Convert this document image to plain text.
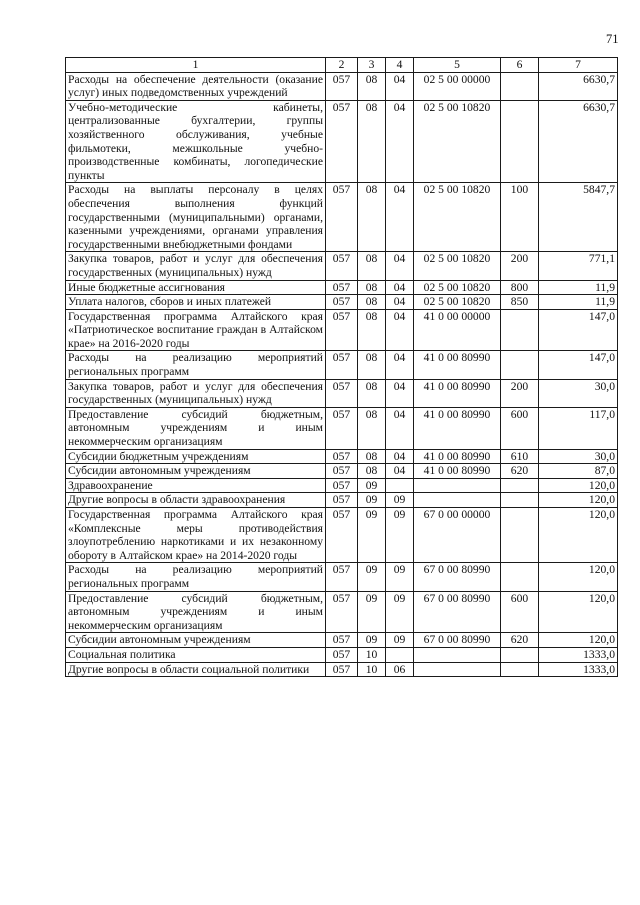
71
1	2	3	4	5	6	7
Расходы на обеспечение деятельности (оказание услуг) иных подведомственных учреждений	057	08	04	02 5 00 00000		6630,7
Учебно-методические кабинеты, централизованные бухгалтерии, группы хозяйственного обслуживания, учебные фильмотеки, межшкольные учебно-производственные комбинаты, логопедические пункты	057	08	04	02 5 00 10820		6630,7
Расходы на выплаты персоналу в целях обеспечения выполнения функций государственными (муниципальными) органами, казенными учреждениями, органами управления государственными внебюджетными фондами	057	08	04	02 5 00 10820	100	5847,7
Закупка товаров, работ и услуг для обеспечения государственных (муниципальных) нужд	057	08	04	02 5 00 10820	200	771,1
Иные бюджетные ассигнования	057	08	04	02 5 00 10820	800	11,9
Уплата налогов, сборов и иных платежей	057	08	04	02 5 00 10820	850	11,9
Государственная программа Алтайского края «Патриотическое воспитание граждан в Алтайском крае» на 2016-2020 годы	057	08	04	41 0 00 00000		147,0
Расходы на реализацию мероприятий региональных программ	057	08	04	41 0 00 80990		147,0
Закупка товаров, работ и услуг для обеспечения государственных (муниципальных) нужд	057	08	04	41 0 00 80990	200	30,0
Предоставление субсидий бюджетным, автономным учреждениям и иным некоммерческим организациям	057	08	04	41 0 00 80990	600	117,0
Субсидии бюджетным учреждениям	057	08	04	41 0 00 80990	610	30,0
Субсидии автономным учреждениям	057	08	04	41 0 00 80990	620	87,0
Здравоохранение	057	09				120,0
Другие вопросы в области здравоохранения	057	09	09			120,0
Государственная программа Алтайского края «Комплексные меры противодействия злоупотреблению наркотиками и их незаконному обороту в Алтайском крае» на 2014-2020 годы	057	09	09	67 0 00 00000		120,0
Расходы на реализацию мероприятий региональных программ	057	09	09	67 0 00 80990		120,0
Предоставление субсидий бюджетным, автономным учреждениям и иным некоммерческим организациям	057	09	09	67 0 00 80990	600	120,0
Субсидии автономным учреждениям	057	09	09	67 0 00 80990	620	120,0
Социальная политика	057	10				1333,0
Другие вопросы в области социальной политики	057	10	06			1333,0
